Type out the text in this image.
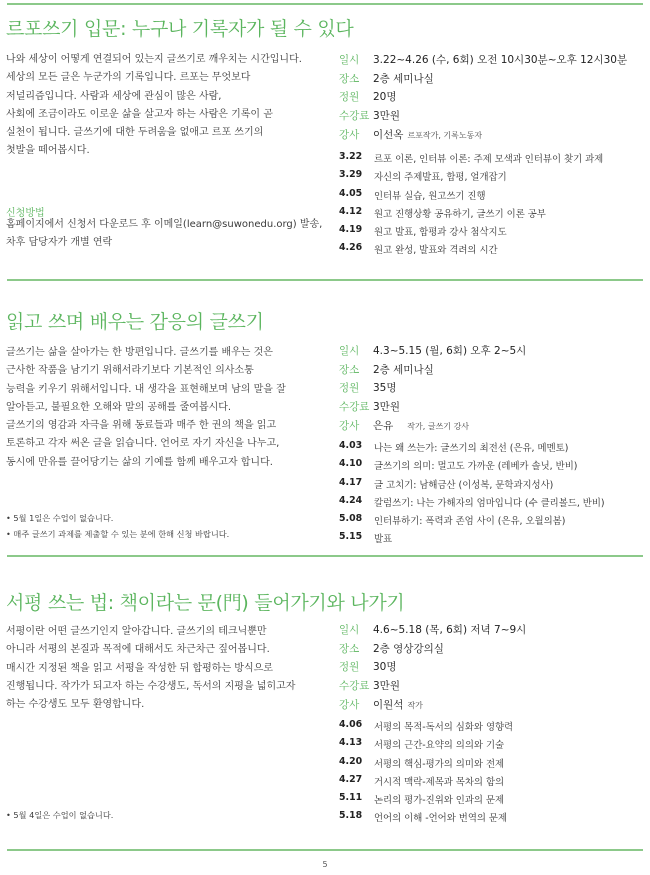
르포쓰기 입문: 누구나 기록자가 될 수 있다

나와 세상이 어떻게 연결되어 있는지 글쓰기로 깨우치는 시간입니다.

세상의 모든 글은 누군가의 기록입니다. 르포는 무엇보다

저널리즘입니다. 사람과 세상에 관심이 많은 사람,

사회에 조금이라도 이로운 삶을 살고자 하는 사람은 기록이 곧

실천이 됩니다. 글쓰기에 대한 두려움을 없애고 르포 쓰기의

첫발을 떼어봅시다.

신청방법

홈페이지에서 신청서 다운로드 후 이메일(learn@suwonedu.org) 발송,

차후 담당자가 개별 연락

일시 3.22~4.26 (수, 6회) 오전 10시30분~오후 12시30분
장소 2층 세미나실
정원 20명
수강료 3만원
강사 이선옥 르포작가, 기록노동자
3.22 르포 이론, 인터뷰 이론: 주제 모색과 인터뷰이 찾기 과제
3.29 자신의 주제발표, 합평, 얼개잡기
4.05 인터뷰 실습, 원고쓰기 진행
4.12 원고 진행상황 공유하기, 글쓰기 이론 공부
4.19 원고 발표, 합평과 강사 첨삭지도
4.26 원고 완성, 발표와 격려의 시간
읽고 쓰며 배우는 감응의 글쓰기

글쓰기는 삶을 살아가는 한 방편입니다. 글쓰기를 배우는 것은

근사한 작품을 남기기 위해서라기보다 기본적인 의사소통

능력을 키우기 위해서입니다. 내 생각을 표현해보며 남의 말을 잘

알아듣고, 불필요한 오해와 말의 공해를 줄여봅시다.

글쓰기의 영감과 자극을 위해 동료들과 매주 한 권의 책을 읽고

토론하고 각자 써온 글을 읽습니다. 언어로 자기 자신을 나누고,

동시에 만유를 끌어당기는 삶의 기예를 함께 배우고자 합니다.

• 5월 1일은 수업이 없습니다.

• 매주 글쓰기 과제를 제출할 수 있는 분에 한해 신청 바랍니다.

일시 4.3~5.15 (월, 6회) 오후 2~5시
장소 2층 세미나실
정원 35명
수강료 3만원
강사 은유 작가, 글쓰기 강사
4.03 나는 왜 쓰는가: 글쓰기의 최전선 (은유, 메멘토)
4.10 글쓰기의 의미: 멀고도 가까운 (레베카 솔닛, 반비)
4.17 글 고치기: 남해금산 (이성복, 문학과지성사)
4.24 칼럼쓰기: 나는 가해자의 엄마입니다 (수 클리볼드, 반비)
5.08 인터뷰하기: 폭력과 존엄 사이 (은유, 오월의봄)
5.15 발표
서평 쓰는 법: 책이라는 문(門) 들어가기와 나가기

서평이란 어떤 글쓰기인지 알아갑니다. 글쓰기의 테크닉뿐만

아니라 서평의 본질과 목적에 대해서도 차근차근 짚어봅니다.

매시간 지정된 책을 읽고 서평을 작성한 뒤 합평하는 방식으로

진행됩니다. 작가가 되고자 하는 수강생도, 독서의 지평을 넓히고자

하는 수강생도 모두 환영합니다.

• 5월 4일은 수업이 없습니다.

일시 4.6~5.18 (목, 6회) 저녁 7~9시
장소 2층 영상강의실
정원 30명
수강료 3만원
강사 이원석 작가
4.06 서평의 목적-독서의 심화와 영향력
4.13 서평의 근간-요약의 의의와 기술
4.20 서평의 핵심-평가의 의미와 전제
4.27 거시적 맥락-제목과 목차의 함의
5.11 논리의 평가-진위와 인과의 문제
5.18 언어의 이해 -언어와 번역의 문제
5
